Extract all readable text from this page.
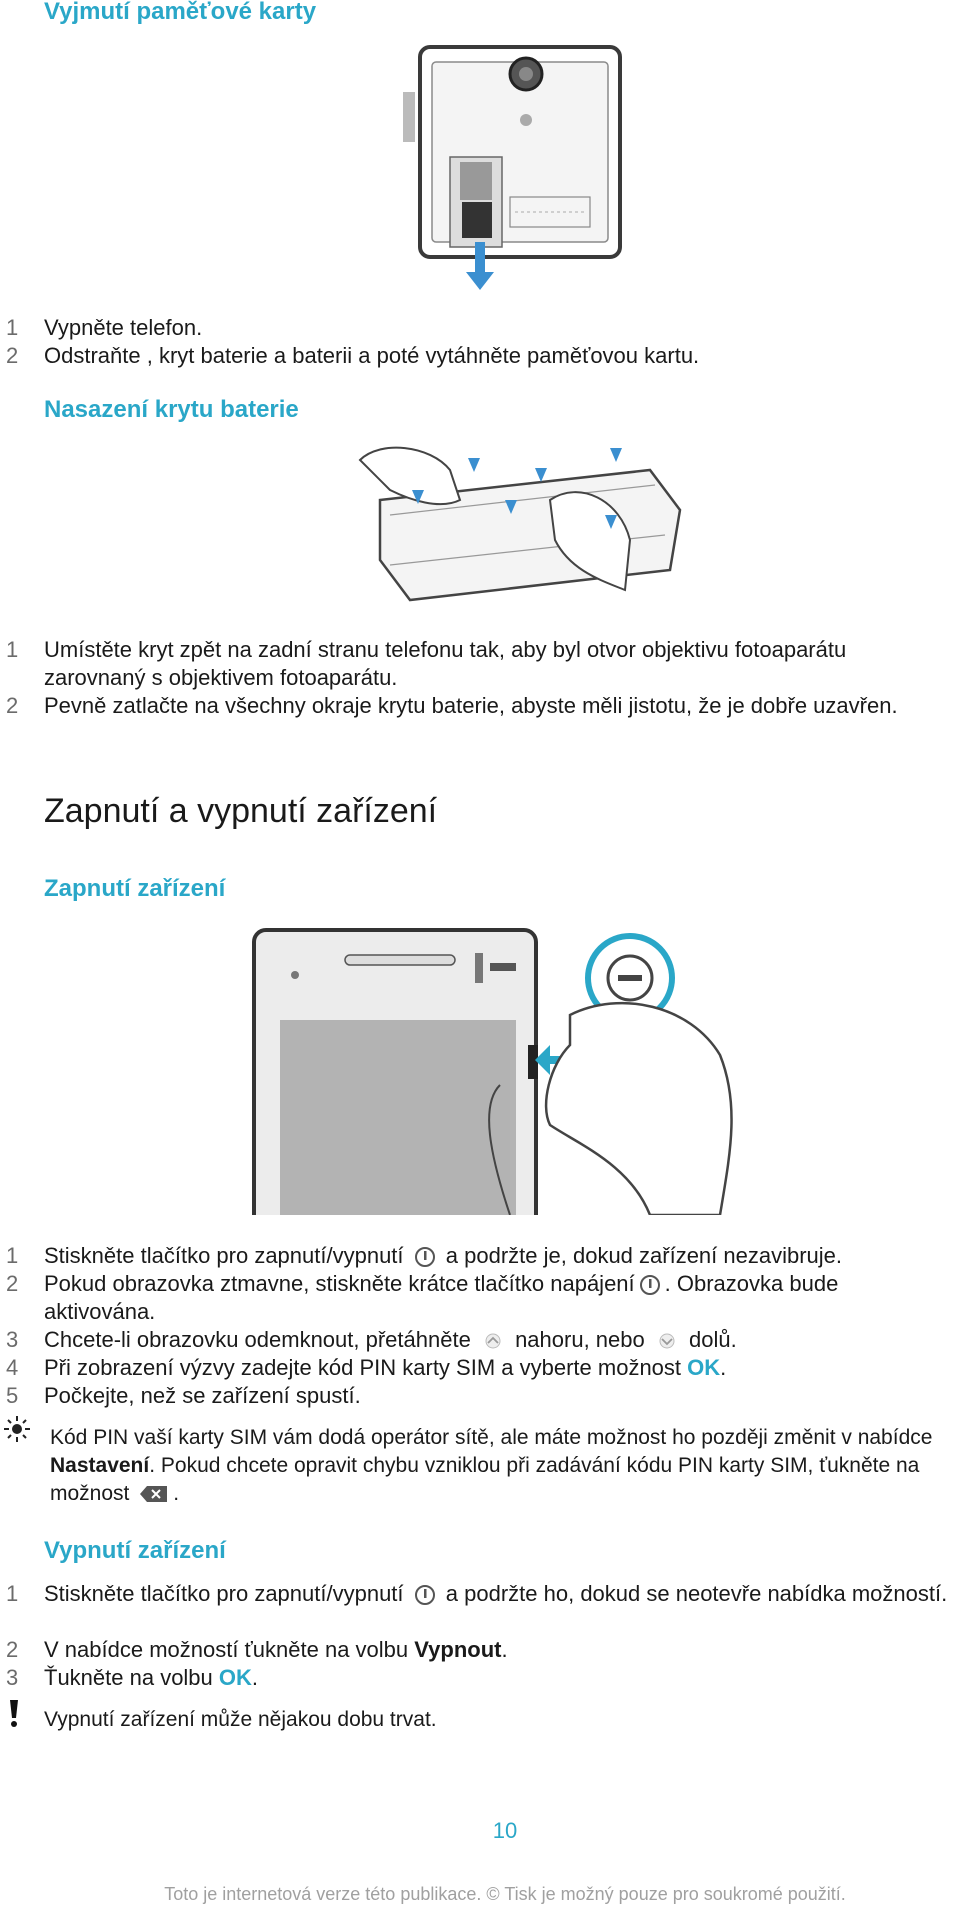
Vyjmutí paměťové karty
1 Vypněte telefon.
2 Odstraňte , kryt baterie a baterii a poté vytáhněte paměťovou kartu.
Nasazení krytu baterie
1 Umístěte kryt zpět na zadní stranu telefonu tak, aby byl otvor objektivu fotoaparátu zarovnaný s objektivem fotoaparátu.
2 Pevně zatlačte na všechny okraje krytu baterie, abyste měli jistotu, že je dobře uzavřen.
Zapnutí a vypnutí zařízení
Zapnutí zařízení
1 Stiskněte tlačítko pro zapnutí/vypnutí a podržte je, dokud zařízení nezavibruje.
2 Pokud obrazovka ztmavne, stiskněte krátce tlačítko napájení . Obrazovka bude aktivována.
3 Chcete-li obrazovku odemknout, přetáhněte nahoru, nebo dolů.
4 Při zobrazení výzvy zadejte kód PIN karty SIM a vyberte možnost OK.
5 Počkejte, než se zařízení spustí.
Kód PIN vaší karty SIM vám dodá operátor sítě, ale máte možnost ho později změnit v nabídce Nastavení. Pokud chcete opravit chybu vzniklou při zadávání kódu PIN karty SIM, ťukněte na možnost .
Vypnutí zařízení
1 Stiskněte tlačítko pro zapnutí/vypnutí a podržte ho, dokud se neotevře nabídka možností.
2 V nabídce možností ťukněte na volbu Vypnout.
3 Ťukněte na volbu OK.
Vypnutí zařízení může nějakou dobu trvat.
10
Toto je internetová verze této publikace. © Tisk je možný pouze pro soukromé použití.
